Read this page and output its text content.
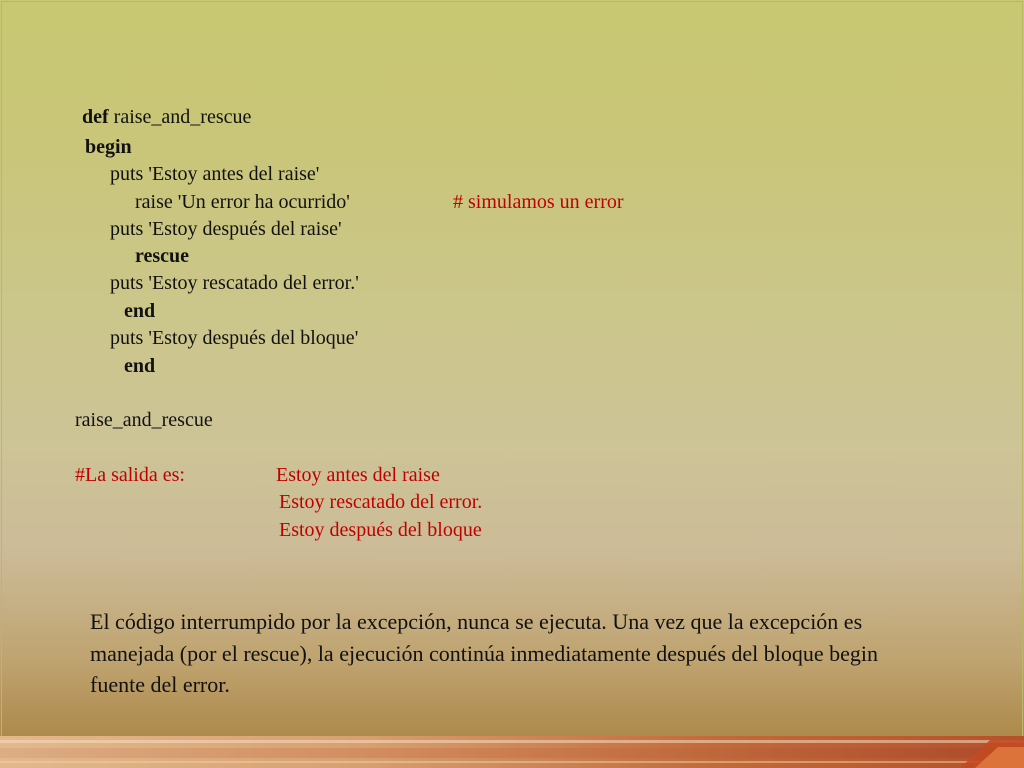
def raise_and_rescue
begin
puts 'Estoy antes del raise'
raise 'Un error ha ocurrido'	# simulamos un error
puts 'Estoy después del raise'
rescue
puts 'Estoy rescatado del error.'
end
puts 'Estoy después del bloque'
end
raise_and_rescue
#La salida es:	Estoy antes del raise
Estoy rescatado del error.
Estoy después del bloque
El código interrumpido por la excepción, nunca se ejecuta. Una vez que la excepción es manejada (por el rescue), la ejecución continúa inmediatamente después del bloque begin fuente del error.
